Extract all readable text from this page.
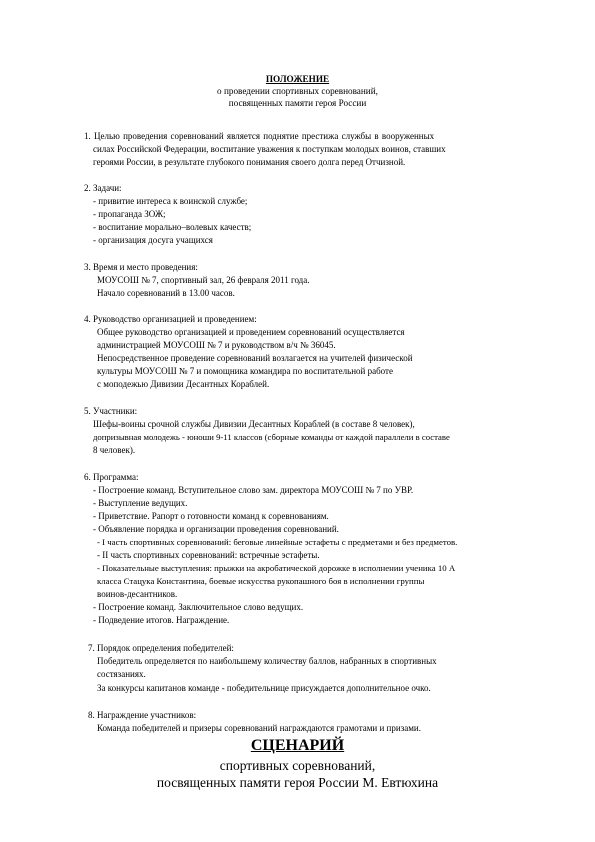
ПОЛОЖЕНИЕ
о проведении спортивных соревнований,
посвященных памяти героя России
1. Целью проведения соревнований является поднятие престижа службы в вооруженных
силах Российской Федерации, воспитание уважения к поступкам молодых воинов, ставших
героями России, в результате глубокого понимания своего долга перед Отчизной.
2. Задачи:
- привитие интереса к воинской службе;
- пропаганда ЗОЖ;
- воспитание морально–волевых качеств;
- организация досуга учащихся
3. Время и место проведения:
МОУСОШ № 7, спортивный зал, 26 февраля 2011 года.
Начало соревнований в 13.00 часов.
4. Руководство организацией и проведением:
Общее руководство организацией и проведением соревнований осуществляется
администрацией МОУСОШ № 7 и руководством в/ч № 36045.
Непосредственное проведение соревнований возлагается на учителей физической
культуры МОУСОШ № 7 и помощника командира по воспитательной работе
с моподежью Дивизии Десантных Кораблей.
5. Участники:
Шефы-воины срочной службы Дивизии Десантных Кораблей (в составе 8 человек),
допризывная молодежь - юноши 9-11 классов (сборные команды от каждой параллели в составе
8 человек).
6. Программа:
- Построение команд. Вступительное слово зам. директора МОУСОШ № 7 по УВР.
- Выступление ведущих.
- Приветствие. Рапорт о готовности команд к соревнованиям.
- Объявление порядка и организации проведения соревнований.
- I часть спортивных соревнований: беговые линейные эстафеты с предметами и без предметов.
- II часть спортивных соревнований: встречные эстафеты.
- Показательные выступления: прыжки на акробатической дорожке в исполнении ученика 10 А
класса Стацука Константина, боевые искусства рукопашного боя в исполнении группы
воинов-десантников.
- Построение команд. Заключительное слово ведущих.
- Подведение итогов. Награждение.
7. Порядок определения победителей:
Победитель определяется по наибольшему количеству баллов, набранных в спортивных
состязаниях.
За конкурсы капитанов команде - победительнице присуждается дополнительное очко.
8. Награждение участников:
Команда победителей и призеры соревнований награждаются грамотами и призами.
СЦЕНАРИЙ
спортивных соревнований,
посвященных памяти героя России М. Евтюхина
